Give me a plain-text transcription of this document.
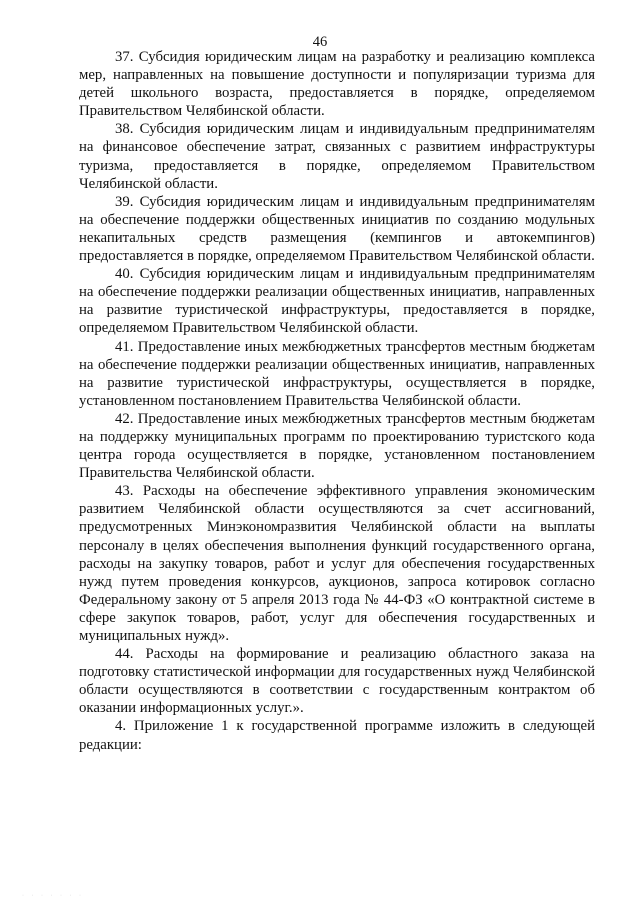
46

37. Субсидия юридическим лицам на разработку и реализацию комплекса мер, направленных на повышение доступности и популяризации туризма для детей школьного возраста, предоставляется в порядке, определяемом Правительством Челябинской области.

38. Субсидия юридическим лицам и индивидуальным предпринимателям на финансовое обеспечение затрат, связанных с развитием инфраструктуры туризма, предоставляется в порядке, определяемом Правительством Челябинской области.

39. Субсидия юридическим лицам и индивидуальным предпринимателям на обеспечение поддержки общественных инициатив по созданию модульных некапитальных средств размещения (кемпингов и автокемпингов) предоставляется в порядке, определяемом Правительством Челябинской области.

40. Субсидия юридическим лицам и индивидуальным предпринимателям на обеспечение поддержки реализации общественных инициатив, направленных на развитие туристической инфраструктуры, предоставляется в порядке, определяемом Правительством Челябинской области.

41. Предоставление иных межбюджетных трансфертов местным бюджетам на обеспечение поддержки реализации общественных инициатив, направленных на развитие туристической инфраструктуры, осуществляется в порядке, установленном постановлением Правительства Челябинской области.

42. Предоставление иных межбюджетных трансфертов местным бюджетам на поддержку муниципальных программ по проектированию туристского кода центра города осуществляется в порядке, установленном постановлением Правительства Челябинской области.

43. Расходы на обеспечение эффективного управления экономическим развитием Челябинской области осуществляются за счет ассигнований, предусмотренных Минэкономразвития Челябинской области на выплаты персоналу в целях обеспечения выполнения функций государственного органа, расходы на закупку товаров, работ и услуг для обеспечения государственных нужд путем проведения конкурсов, аукционов, запроса котировок согласно Федеральному закону от 5 апреля 2013 года № 44-ФЗ «О контрактной системе в сфере закупок товаров, работ, услуг для обеспечения государственных и муниципальных нужд».

44. Расходы на формирование и реализацию областного заказа на подготовку статистической информации для государственных нужд Челябинской области осуществляются в соответствии с государственным контрактом об оказании информационных услуг.».

4. Приложение 1 к государственной программе изложить в следующей редакции:

· · · · · · ·
